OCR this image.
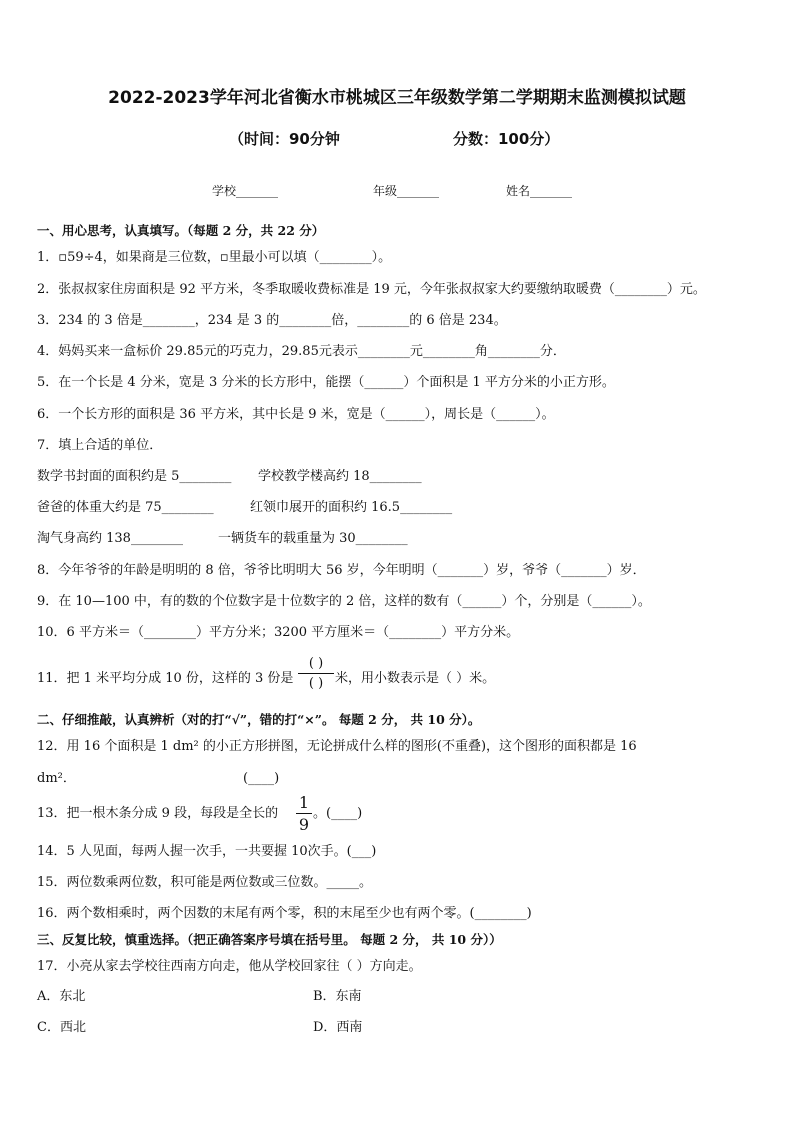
2022-2023学年河北省衡水市桃城区三年级数学第二学期期末监测模拟试题
（时间：90分钟	分数：100分）
学校_______	年级_______	姓名_______
一、用心思考，认真填写。（每题 2 分，共 22 分）
1．▫59÷4，如果商是三位数，▫里最小可以填（________）。
2．张叔叔家住房面积是 92 平方米，冬季取暖收费标准是 19 元，今年张叔叔家大约要缴纳取暖费（________）元。
3．234 的 3 倍是________，234 是 3 的________倍，________的 6 倍是 234。
4．妈妈买来一盒标价 29.85元的巧克力，29.85元表示________元________角________分．
5．在一个长是 4 分米，宽是 3 分米的长方形中，能摆（______）个面积是 1 平方分米的小正方形。
6．一个长方形的面积是 36 平方米，其中长是 9 米，宽是（______），周长是（______）。
7．填上合适的单位．
数学书封面的面积约是 5________ 学校教学楼高约 18________
爸爸的体重大约是 75________	红领巾展开的面积约 16.5________
淘气身高约 138________	一辆货车的载重量为 30________
8．今年爷爷的年龄是明明的 8 倍，爷爷比明明大 56 岁，今年明明（_______）岁，爷爷（_______）岁．
9．在 10—100 中，有的数的个位数字是十位数字的 2 倍，这样的数有（______）个，分别是（______）。
10．6 平方米＝（________）平方分米；3200 平方厘米＝（________）平方分米。
11．把 1 米平均分成 10 份，这样的 3 份是
( )
( ) 米，用小数表示是（ ）米。
二、仔细推敲，认真辨析（对的打“√”，错的打“×”。 每题 2 分， 共 10 分）。
12．用 16 个面积是 1 dm² 的小正方形拼图，无论拼成什么样的图形(不重叠)，这个图形的面积都是 16
dm²．	(____)
13．把一根木条分成 9 段，每段是全长的
1
9
。(____)
14．5 人见面，每两人握一次手，一共要握 10次手。(___)
15．两位数乘两位数，积可能是两位数或三位数。_____。
16．两个数相乘时，两个因数的末尾有两个零，积的末尾至少也有两个零。(________)
三、反复比较，慎重选择。（把正确答案序号填在括号里。 每题 2 分， 共 10 分））
17．小亮从家去学校往西南方向走，他从学校回家往（ ）方向走。
A．东北	B．东南
C．西北	D．西南
